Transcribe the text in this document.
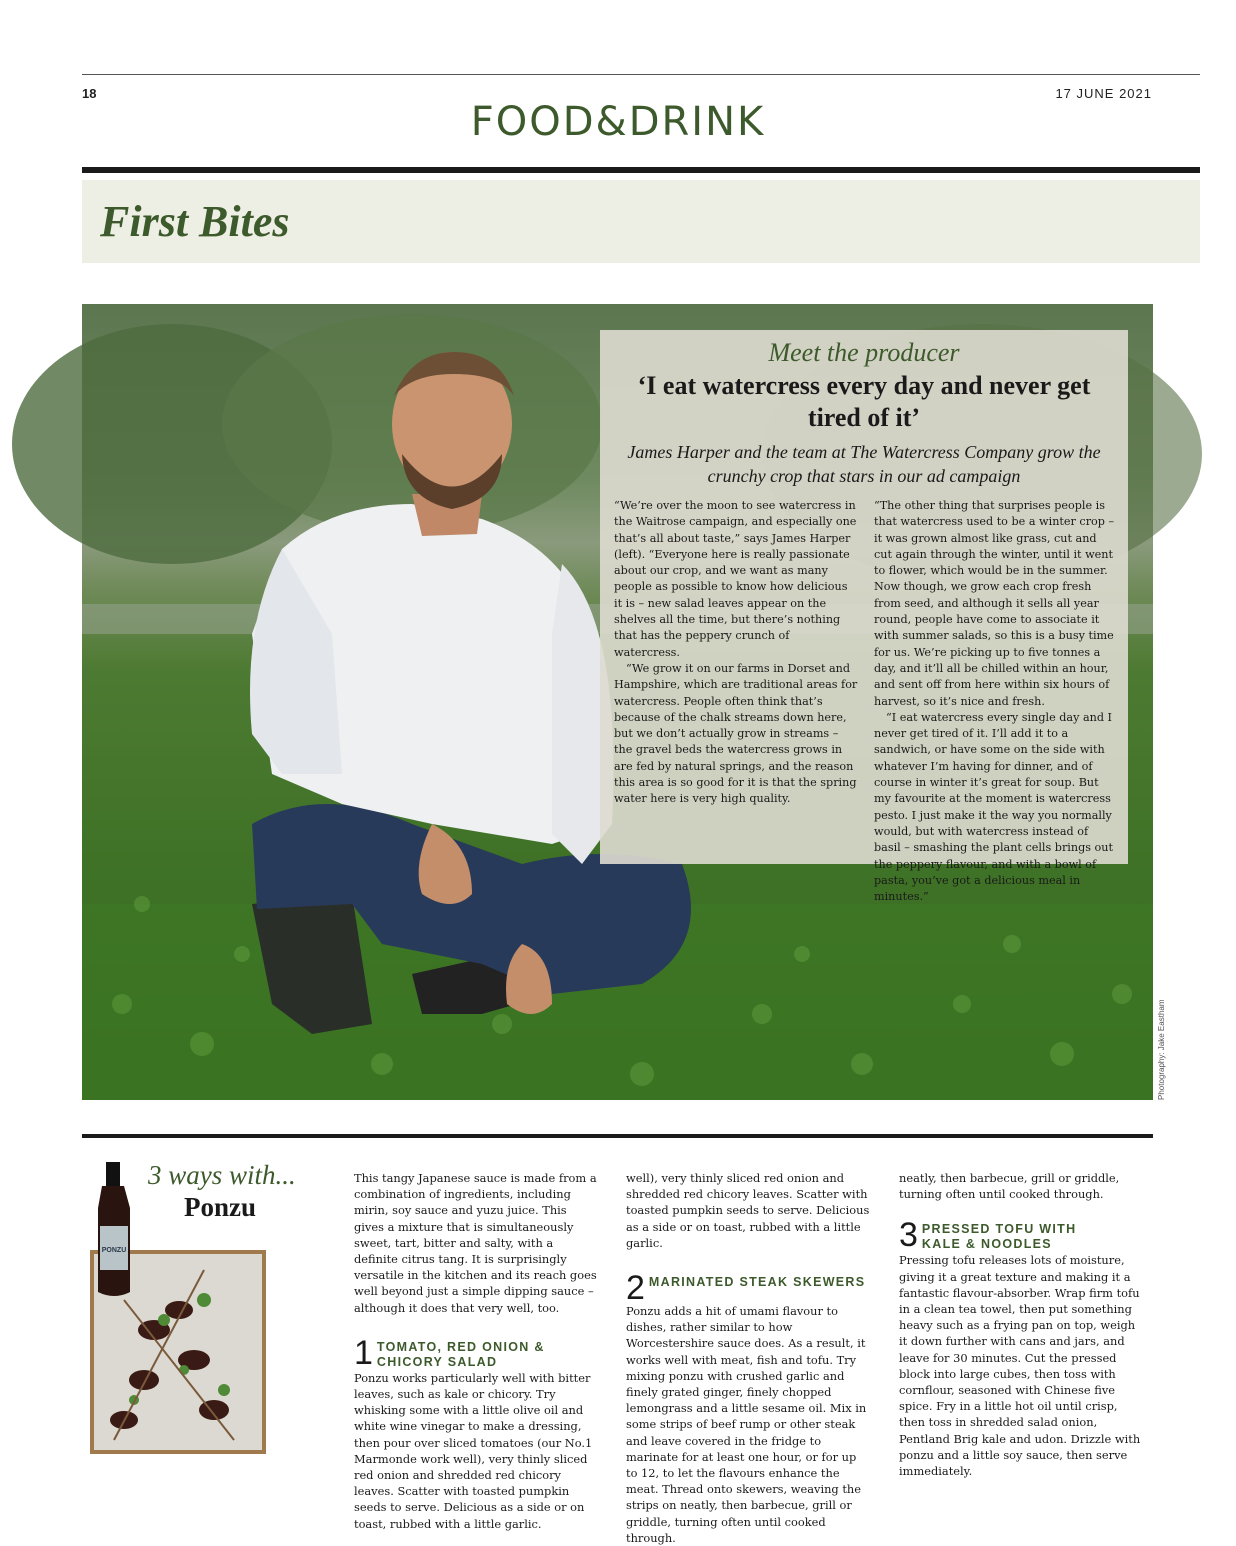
18	17 JUNE 2021
FOOD&DRINK
First Bites
Meet the producer
‘I eat watercress every day and never get tired of it’
James Harper and the team at The Watercress Company grow the crunchy crop that stars in our ad campaign

“We’re over the moon to see watercress in the Waitrose campaign, and especially one that’s all about taste,” says James Harper (left). “Everyone here is really passionate about our crop, and we want as many people as possible to know how delicious it is – new salad leaves appear on the shelves all the time, but there’s nothing that has the peppery crunch of watercress.

“We grow it on our farms in Dorset and Hampshire, which are traditional areas for watercress. People often think that’s because of the chalk streams down here, but we don’t actually grow in streams – the gravel beds the watercress grows in are fed by natural springs, and the reason this area is so good for it is that the spring water here is very high quality.

“The other thing that surprises people is that watercress used to be a winter crop – it was grown almost like grass, cut and cut again through the winter, until it went to flower, which would be in the summer. Now though, we grow each crop fresh from seed, and although it sells all year round, people have come to associate it with summer salads, so this is a busy time for us. We’re picking up to five tonnes a day, and it’ll all be chilled within an hour, and sent off from here within six hours of harvest, so it’s nice and fresh.

“I eat watercress every single day and I never get tired of it. I’ll add it to a sandwich, or have some on the side with whatever I’m having for dinner, and of course in winter it’s great for soup. But my favourite at the moment is watercress pesto. I just make it the way you normally would, but with watercress instead of basil – smashing the plant cells brings out the peppery flavour, and with a bowl of pasta, you’ve got a delicious meal in minutes.”

Photography: Jake Eastham
PONZU
3 ways with...
Ponzu

This tangy Japanese sauce is made from a combination of ingredients, including mirin, soy sauce and yuzu juice. This gives a mixture that is simultaneously sweet, tart, bitter and salty, with a definite citrus tang. It is surprisingly versatile in the kitchen and its reach goes well beyond just a simple dipping sauce – although it does that very well, too.

1 TOMATO, RED ONION & CHICORY SALAD

Ponzu works particularly well with bitter leaves, such as kale or chicory. Try whisking some with a little olive oil and white wine vinegar to make a dressing, then pour over sliced tomatoes (our No.1 Marmonde work well), very thinly sliced red onion and shredded red chicory leaves. Scatter with toasted pumpkin seeds to serve. Delicious as a side or on toast, rubbed with a little garlic.

well), very thinly sliced red onion and shredded red chicory leaves. Scatter with toasted pumpkin seeds to serve. Delicious as a side or on toast, rubbed with a little garlic.

2 MARINATED STEAK SKEWERS

Ponzu adds a hit of umami flavour to dishes, rather similar to how Worcestershire sauce does. As a result, it works well with meat, fish and tofu. Try mixing ponzu with crushed garlic and finely grated ginger, finely chopped lemongrass and a little sesame oil. Mix in some strips of beef rump or other steak and leave covered in the fridge to marinate for at least one hour, or for up to 12, to let the flavours enhance the meat. Thread onto skewers, weaving the strips on neatly, then barbecue, grill or griddle, turning often until cooked through.

neatly, then barbecue, grill or griddle, turning often until cooked through.

3 PRESSED TOFU WITH KALE & NOODLES

Pressing tofu releases lots of moisture, giving it a great texture and making it a fantastic flavour-absorber. Wrap firm tofu in a clean tea towel, then put something heavy such as a frying pan on top, weigh it down further with cans and jars, and leave for 30 minutes. Cut the pressed block into large cubes, then toss with cornflour, seasoned with Chinese five spice. Fry in a little hot oil until crisp, then toss in shredded salad onion, Pentland Brig kale and udon. Drizzle with ponzu and a little soy sauce, then serve immediately.
